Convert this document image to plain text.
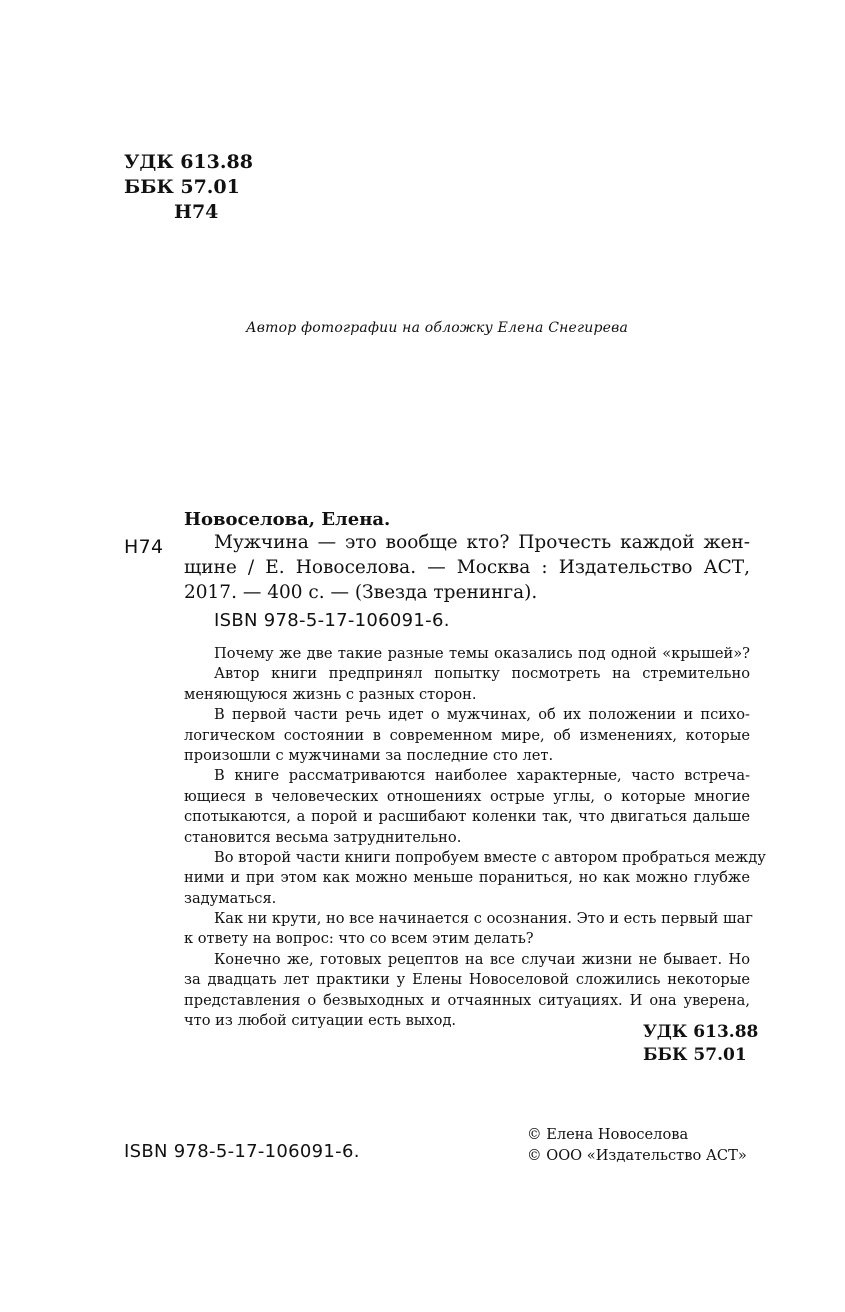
УДК 613.88
ББК 57.01
Н74
Автор фотографии на обложку Елена Снегирева
Новоселова, Елена.
Н74	Мужчина — это вообще кто? Прочесть каждой жен-
щине / Е. Новоселова. — Москва : Издательство АСТ,
2017. — 400 с. — (Звезда тренинга).
ISBN 978-5-17-106091-6.
Почему же две такие разные темы оказались под одной «крышей»?
Автор книги предпринял попытку посмотреть на стремительно
меняющуюся жизнь с разных сторон.
В первой части речь идет о мужчинах, об их положении и психо-
логическом состоянии в современном мире, об изменениях, которые
произошли с мужчинами за последние сто лет.
В книге рассматриваются наиболее характерные, часто встреча-
ющиеся в человеческих отношениях острые углы, о которые многие
спотыкаются, а порой и расшибают коленки так, что двигаться дальше
становится весьма затруднительно.
Во второй части книги попробуем вместе с автором пробраться между
ними и при этом как можно меньше пораниться, но как можно глубже
задуматься.
Как ни крути, но все начинается с осознания. Это и есть первый шаг
к ответу на вопрос: что со всем этим делать?
Конечно же, готовых рецептов на все случаи жизни не бывает. Но
за двадцать лет практики у Елены Новоселовой сложились некоторые
представления о безвыходных и отчаянных ситуациях. И она уверена,
что из любой ситуации есть выход.
УДК 613.88
ББК 57.01
ISBN 978-5-17-106091-6.
© Елена Новоселова
© ООО «Издательство АСТ»
